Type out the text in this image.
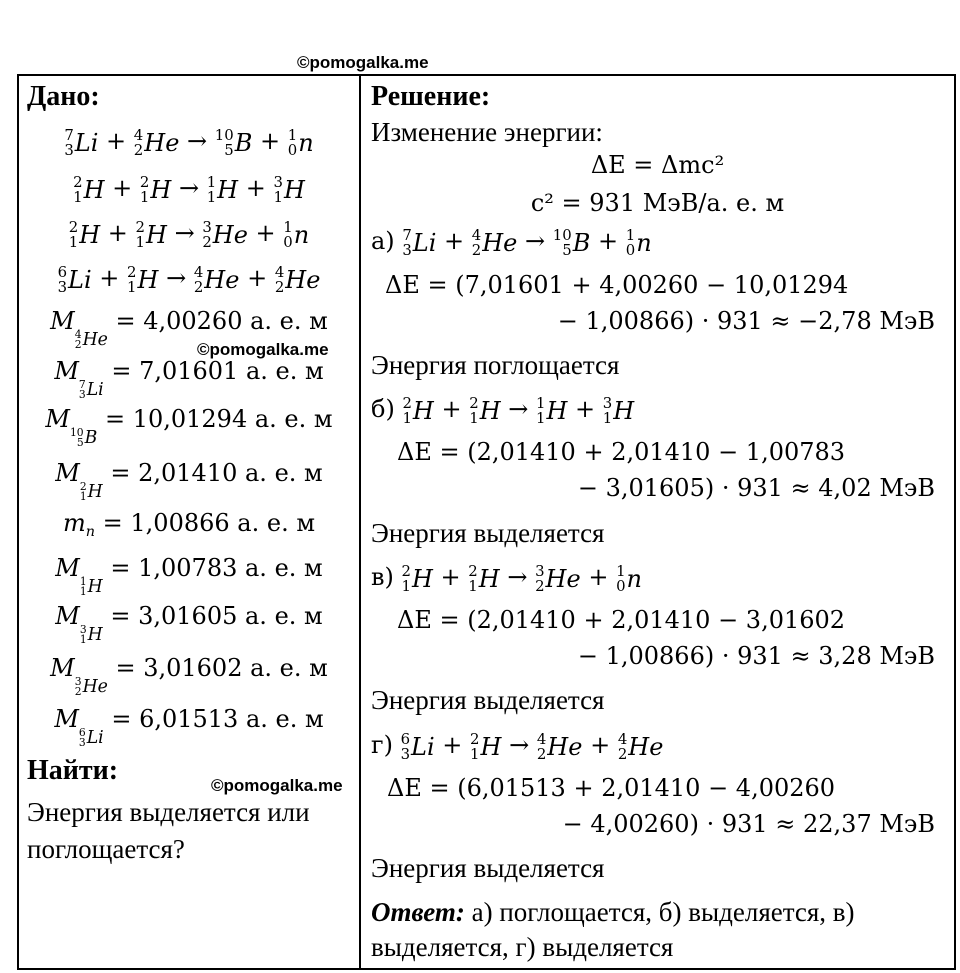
©pomogalka.me
©pomogalka.me
©pomogalka.me
Дано:
7
3 Li + 4
2 He → 10
5 B + 1
0 n
2
1 H + 2
1 H → 1
1 H + 3
1 H
2
1 H + 2
1 H → 3
2 He + 1
0 n
6
3 Li + 2
1 H → 4
2 He + 4
2 He
M 4
2 He
= 4,00260 а. е. м
M 7
3 Li
= 7,01601 а. е. м
M 10
5 B
= 10,01294 а. е. м
M 2
1 H
= 2,01410 а. е. м
$m_n = 1,00866$ а. е. м
M 1
1 H
= 1,00783 а. е. м
M 3
1 H
= 3,01605 а. е. м
M 3
2 He
= 3,01602 а. е. м
M 6
3 Li
= 6,01513 а. е. м
Найти:
Энергия выделяется или
поглощается?
Решение:
Изменение энергии:
ΔE = Δmc²
c² = 931 МэВ/а. е. м
а) 7
3 Li + 4
2 He → 10
5 B + 1
0 n
ΔE = (7,01601 + 4,00260 − 10,01294
− 1,00866) · 931 ≈ −2,78 МэВ
Энергия поглощается
б) 2
1 H + 2
1 H → 1
1 H + 3
1 H
ΔE = (2,01410 + 2,01410 − 1,00783
− 3,01605) · 931 ≈ 4,02 МэВ
Энергия выделяется
в) 2
1 H + 2
1 H → 3
2 He + 1
0 n
ΔE = (2,01410 + 2,01410 − 3,01602
− 1,00866) · 931 ≈ 3,28 МэВ
Энергия выделяется
г) 6
3 Li + 2
1 H → 4
2 He + 4
2 He
ΔE = (6,01513 + 2,01410 − 4,00260
− 4,00260) · 931 ≈ 22,37 МэВ
Энергия выделяется
Ответ: а) поглощается, б) выделяется, в)
выделяется, г) выделяется
